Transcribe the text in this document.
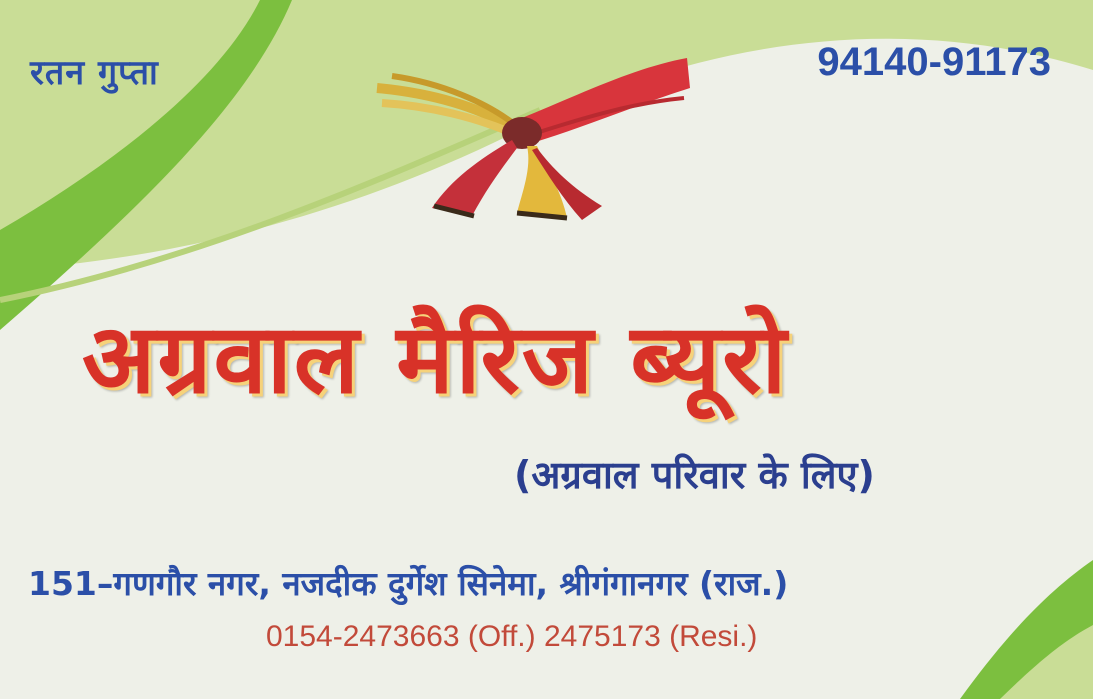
रतन गुप्ता	94140-91173
अग्रवाल मैरिज ब्यूरो
(अग्रवाल परिवार के लिए)
151–गणगौर नगर, नजदीक दुर्गेश सिनेमा, श्रीगंगानगर (राज.)
0154-2473663 (Off.) 2475173 (Resi.)
